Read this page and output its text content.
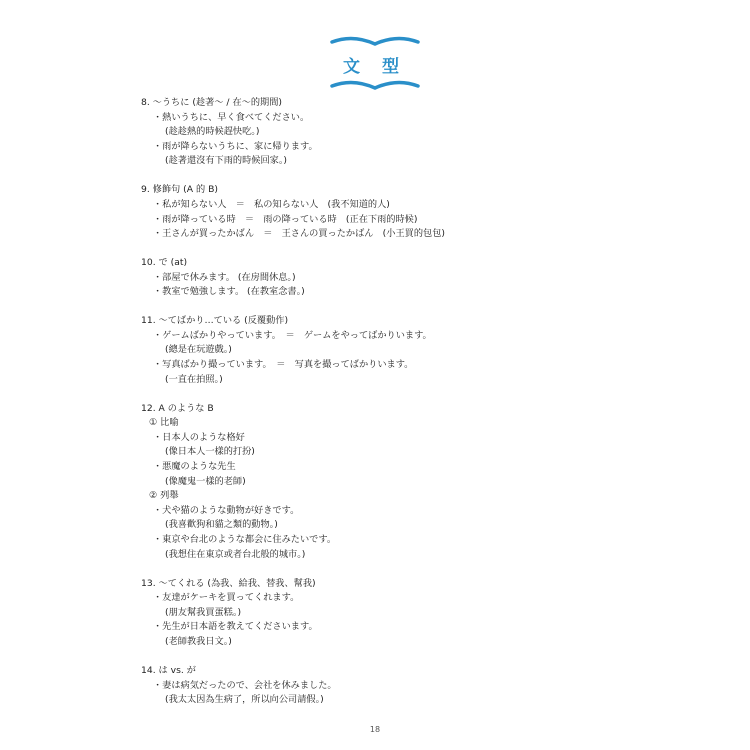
文 型
8. ～うちに (趁著～ / 在～的期間)
・熱いうちに、早く食べてください。
(趁趁熱的時候趕快吃。)
・雨が降らないうちに、家に帰ります。
(趁著還沒有下雨的時候回家。)
9. 修飾句 (A 的 B)
・私が知らない人　＝　私の知らない人　(我不知道的人)
・雨が降っている時　＝　雨の降っている時　(正在下雨的時候)
・王さんが買ったかばん　＝　王さんの買ったかばん　(小王買的包包)
10. で (at)
・部屋で休みます。 (在房間休息。)
・教室で勉強します。 (在教室念書。)
11. ～てばかり…ている (反覆動作)
・ゲームばかりやっています。　＝　ゲームをやってばかりいます。
(總是在玩遊戲。)
・写真ばかり撮っています。　＝　写真を撮ってばかりいます。
(一直在拍照。)
12. A のような B
① 比喻
・日本人のような格好
(像日本人一樣的打扮)
・悪魔のような先生
(像魔鬼一樣的老師)
② 列舉
・犬や猫のような動物が好きです。
(我喜歡狗和貓之類的動物。)
・東京や台北のような都会に住みたいです。
(我想住在東京或者台北般的城市。)
13. ～てくれる (為我、給我、替我、幫我)
・友達がケーキを買ってくれます。
(朋友幫我買蛋糕。)
・先生が日本語を教えてくださいます。
(老師教我日文。)
14. は vs. が
・妻は病気だったので、会社を休みました。
(我太太因為生病了，所以向公司請假。)
18
